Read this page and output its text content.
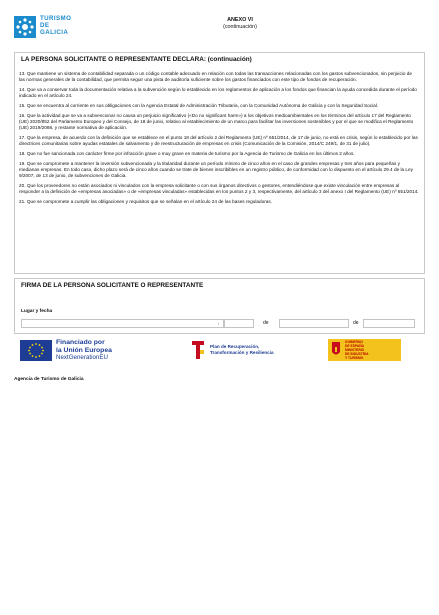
TURISMO
DE
GALICIA
ANEXO VI
(continuación)
LA PERSONA SOLICITANTE O REPRESENTANTE DECLARA: (continuación)
13. Que mantiene un sistema de contabilidad separada o un código contable adecuado en relación con todas las transacciones relacionadas con los gastos subvencionados, sin perjuicio de las normas generales de la contabilidad, que permita seguir una pista de auditoría suficiente sobre los gastos financiados con este tipo de fondos de recuperación.
14. Que va a conservar toda la documentación relativa a la subvención según lo establecido en los reglamentos de aplicación a los fondos que financian la ayuda concedida durante el período indicado en el artículo 24.
15. Que se encuentra al corriente en sus obligaciones con la Agencia Estatal de Administración Tributaria, con la Comunidad Autónoma de Galicia y con la Seguridad Social.
16. Que la actividad que se va a subvencionar no causa un perjuicio significativo («Do no significant harm») a los objetivos medioambientales en los términos del artículo 17 del Reglamento (UE) 2020/852 del Parlamento Europeo y del Consejo, de 18 de junio, relativo al establecimiento de un marco para facilitar las inversiones sostenibles y por el que se modifica el Reglamento (UE) 2019/2088, y restante normativa de aplicación.
17. Que la empresa, de acuerdo con la definición que se establece en el punto 18 del artículo 2 del Reglamento (UE) nº 651/2014, de 17 de junio, no está en crisis, según lo establecido por las directrices comunitarias sobre ayudas estatales de salvamento y de reestructuración de empresas en crisis (Comunicación de la Comisión, 2014/C 249/1, de 31 de julio).
18. Que no fue sancionada con carácter firme por infracción grave o muy grave en materia de turismo por la Agencia de Turismo de Galicia en los últimos 2 años.
19. Que se compromete a mantener la inversión subvencionada y la titularidad durante un período mínimo de cinco años en el caso de grandes empresas y tres años para pequeñas y medianas empresas. En todo caso, dicho plazo será de cinco años cuando se trate de bienes inscribibles en un registro público, de conformidad con lo dispuesto en el artículo 29.4 de la Ley 9/2007, de 13 de junio, de subvenciones de Galicia.
20. Que los proveedores no están asociados ni vinculados con la empresa solicitante o con sus órganos directivos o gestores, entendiéndose que existe vinculación entre empresas al responder a la definición de «empresas asociadas» o de «empresas vinculadas» establecidas en los puntos 2 y 3, respectivamente, del artículo 3 del anexo I del Reglamento (UE) nº 651/2014.
21. Que se compromete a cumplir las obligaciones y requisitos que se señalan en el artículo 24 de las bases reguladoras.
FIRMA DE LA PERSONA SOLICITANTE O REPRESENTANTE
Lugar y fecha
,	de	de
Financiado por
la Unión Europea
NextGenerationEU
Plan de Recuperación,
Transformación y Resiliencia
GOBIERNO
DE ESPAÑA
MINISTERIO
DE INDUSTRIA
Y TURISMO
Agencia de Turismo de Galicia
